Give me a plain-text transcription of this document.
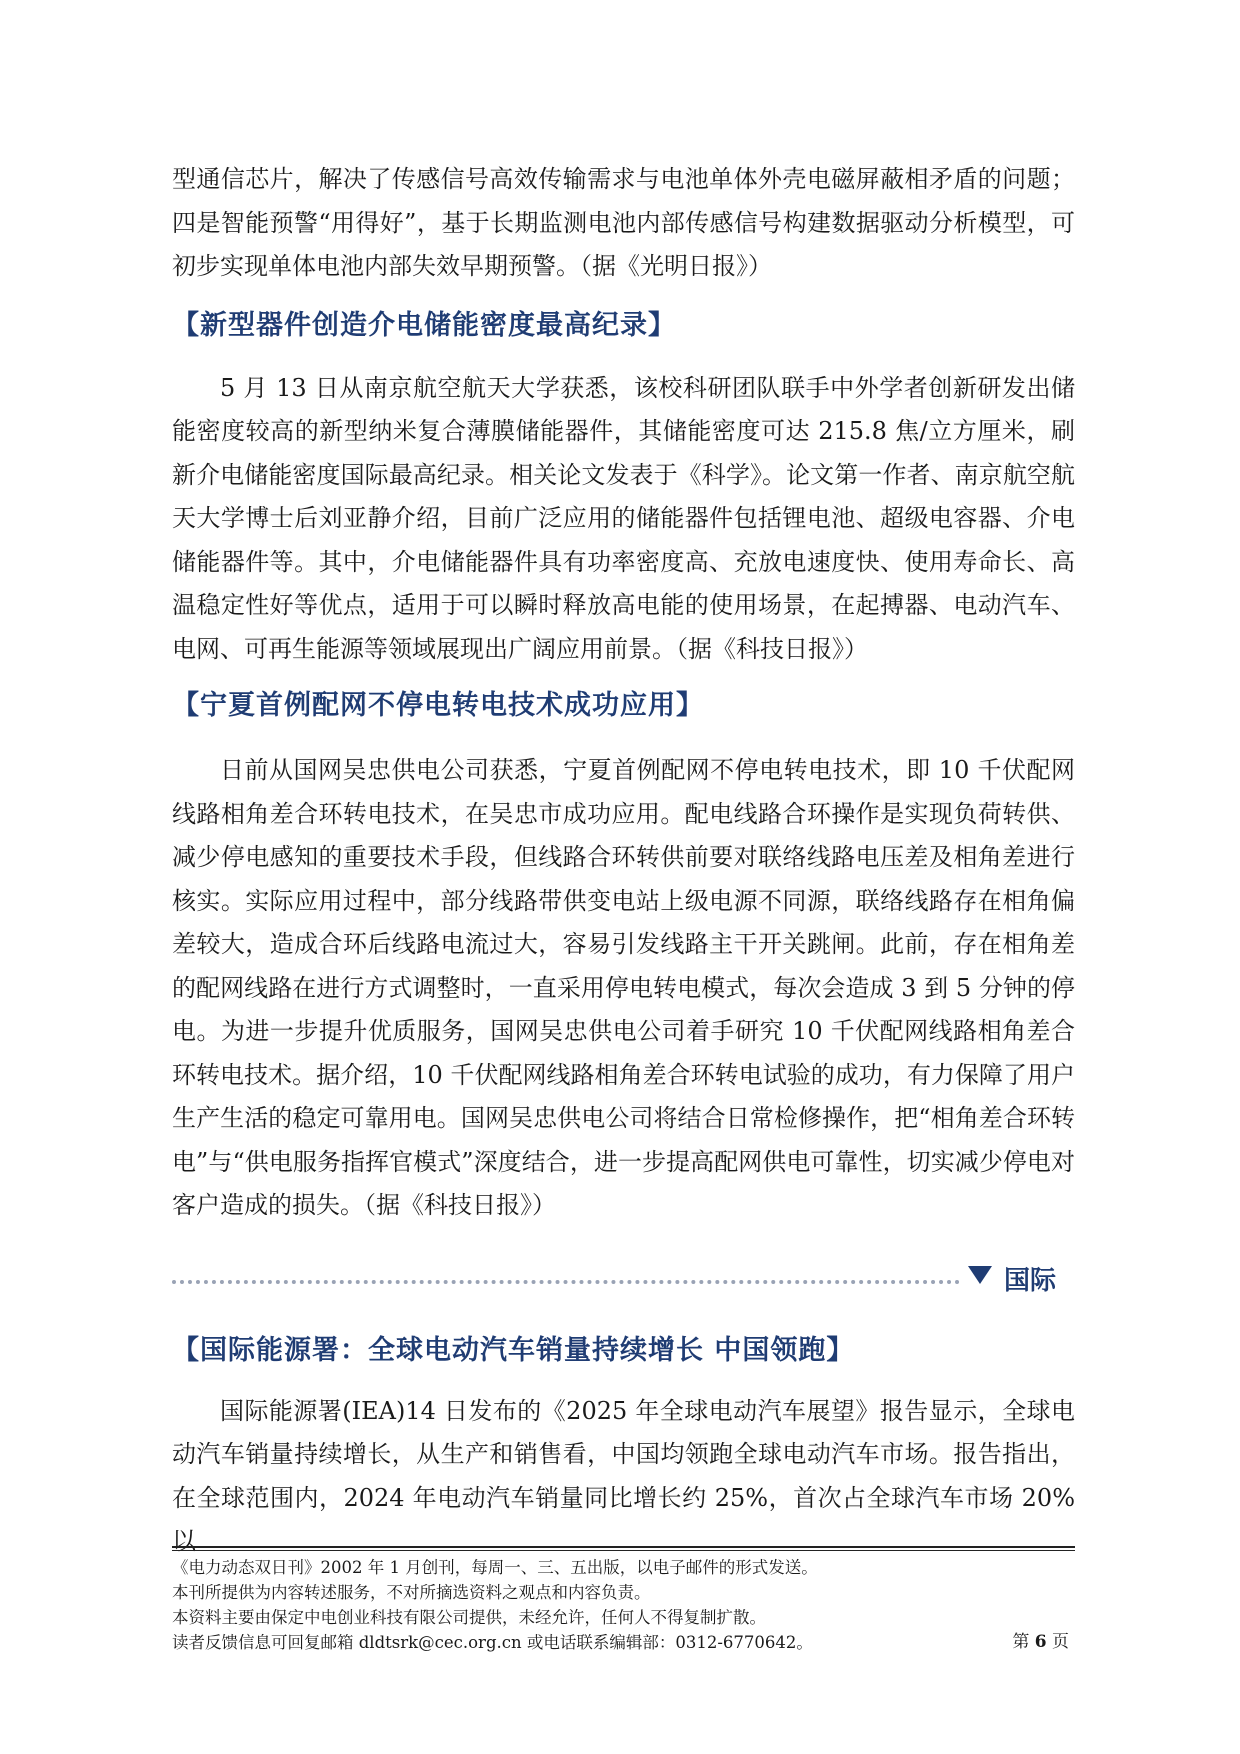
型通信芯片，解决了传感信号高效传输需求与电池单体外壳电磁屏蔽相矛盾的问题；四是智能预警“用得好”，基于长期监测电池内部传感信号构建数据驱动分析模型，可初步实现单体电池内部失效早期预警。（据《光明日报》）

【新型器件创造介电储能密度最高纪录】

5 月 13 日从南京航空航天大学获悉，该校科研团队联手中外学者创新研发出储能密度较高的新型纳米复合薄膜储能器件，其储能密度可达 215.8 焦/立方厘米，刷新介电储能密度国际最高纪录。相关论文发表于《科学》。论文第一作者、南京航空航天大学博士后刘亚静介绍，目前广泛应用的储能器件包括锂电池、超级电容器、介电储能器件等。其中，介电储能器件具有功率密度高、充放电速度快、使用寿命长、高温稳定性好等优点，适用于可以瞬时释放高电能的使用场景，在起搏器、电动汽车、电网、可再生能源等领域展现出广阔应用前景。（据《科技日报》）

【宁夏首例配网不停电转电技术成功应用】

日前从国网吴忠供电公司获悉，宁夏首例配网不停电转电技术，即 10 千伏配网线路相角差合环转电技术，在吴忠市成功应用。配电线路合环操作是实现负荷转供、减少停电感知的重要技术手段，但线路合环转供前要对联络线路电压差及相角差进行核实。实际应用过程中，部分线路带供变电站上级电源不同源，联络线路存在相角偏差较大，造成合环后线路电流过大，容易引发线路主干开关跳闸。此前，存在相角差的配网线路在进行方式调整时，一直采用停电转电模式，每次会造成 3 到 5 分钟的停电。为进一步提升优质服务，国网吴忠供电公司着手研究 10 千伏配网线路相角差合环转电技术。据介绍，10 千伏配网线路相角差合环转电试验的成功，有力保障了用户生产生活的稳定可靠用电。国网吴忠供电公司将结合日常检修操作，把“相角差合环转电”与“供电服务指挥官模式”深度结合，进一步提高配网供电可靠性，切实减少停电对客户造成的损失。（据《科技日报》）

国际
【国际能源署：全球电动汽车销量持续增长 中国领跑】

国际能源署(IEA)14 日发布的《2025 年全球电动汽车展望》报告显示，全球电动汽车销量持续增长，从生产和销售看，中国均领跑全球电动汽车市场。报告指出，在全球范围内，2024 年电动汽车销量同比增长约 25%，首次占全球汽车市场 20%以

《电力动态双日刊》2002 年 1 月创刊，每周一、三、五出版，以电子邮件的形式发送。

本刊所提供为内容转述服务，不对所摘选资料之观点和内容负责。

本资料主要由保定中电创业科技有限公司提供，未经允许，任何人不得复制扩散。

读者反馈信息可回复邮箱 dldtsrk@cec.org.cn 或电话联系编辑部：0312-6770642。	第 6 页
